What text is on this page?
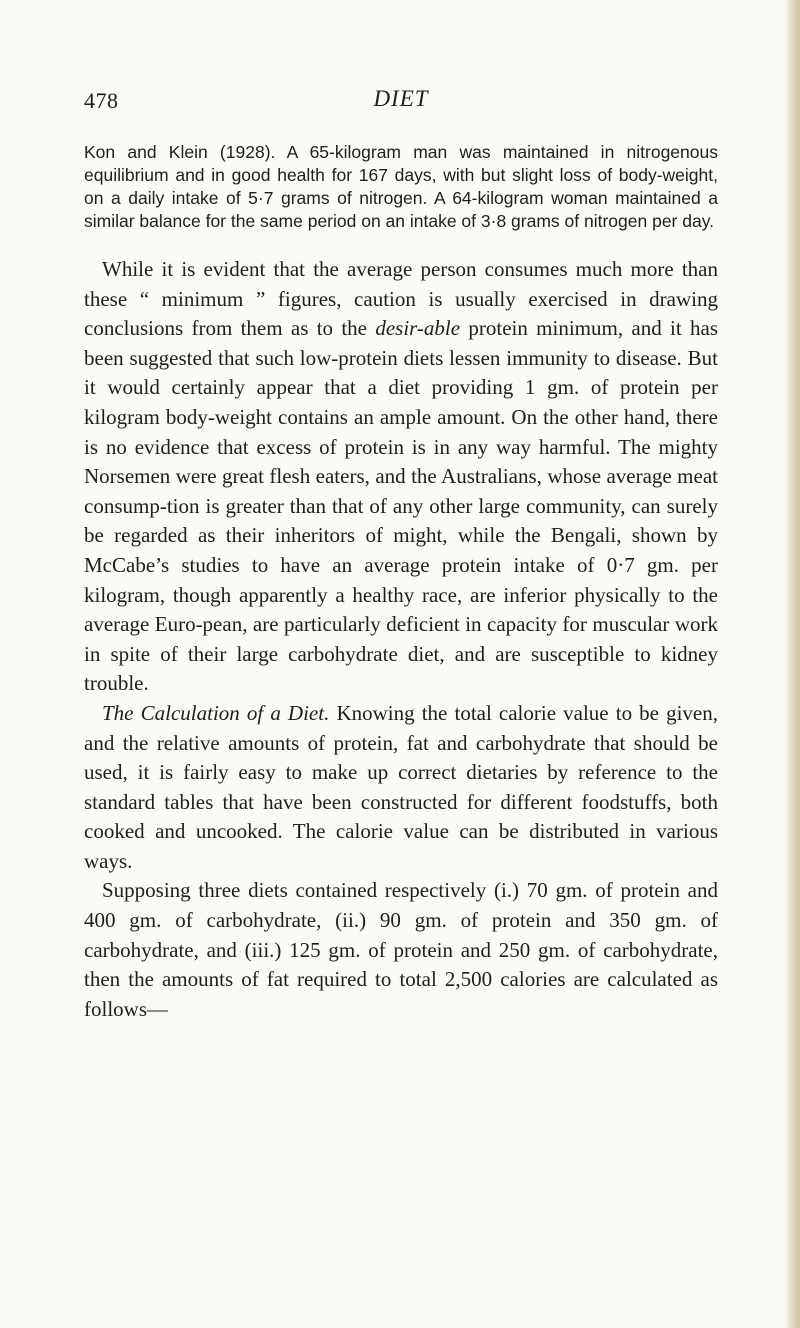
478	DIET

Kon and Klein (1928). A 65-kilogram man was maintained in nitrogenous equilibrium and in good health for 167 days, with but slight loss of body-weight, on a daily intake of 5·7 grams of nitrogen. A 64-kilogram woman maintained a similar balance for the same period on an intake of 3·8 grams of nitrogen per day.

While it is evident that the average person consumes much more than these “ minimum ” figures, caution is usually exercised in drawing conclusions from them as to the desir-able protein minimum, and it has been suggested that such low-protein diets lessen immunity to disease. But it would certainly appear that a diet providing 1 gm. of protein per kilogram body-weight contains an ample amount. On the other hand, there is no evidence that excess of protein is in any way harmful. The mighty Norsemen were great flesh eaters, and the Australians, whose average meat consump-tion is greater than that of any other large community, can surely be regarded as their inheritors of might, while the Bengali, shown by McCabe’s studies to have an average protein intake of 0·7 gm. per kilogram, though apparently a healthy race, are inferior physically to the average Euro-pean, are particularly deficient in capacity for muscular work in spite of their large carbohydrate diet, and are susceptible to kidney trouble.

The Calculation of a Diet. Knowing the total calorie value to be given, and the relative amounts of protein, fat and carbohydrate that should be used, it is fairly easy to make up correct dietaries by reference to the standard tables that have been constructed for different foodstuffs, both cooked and uncooked. The calorie value can be distributed in various ways.

Supposing three diets contained respectively (i.) 70 gm. of protein and 400 gm. of carbohydrate, (ii.) 90 gm. of protein and 350 gm. of carbohydrate, and (iii.) 125 gm. of protein and 250 gm. of carbohydrate, then the amounts of fat required to total 2,500 calories are calculated as follows—
